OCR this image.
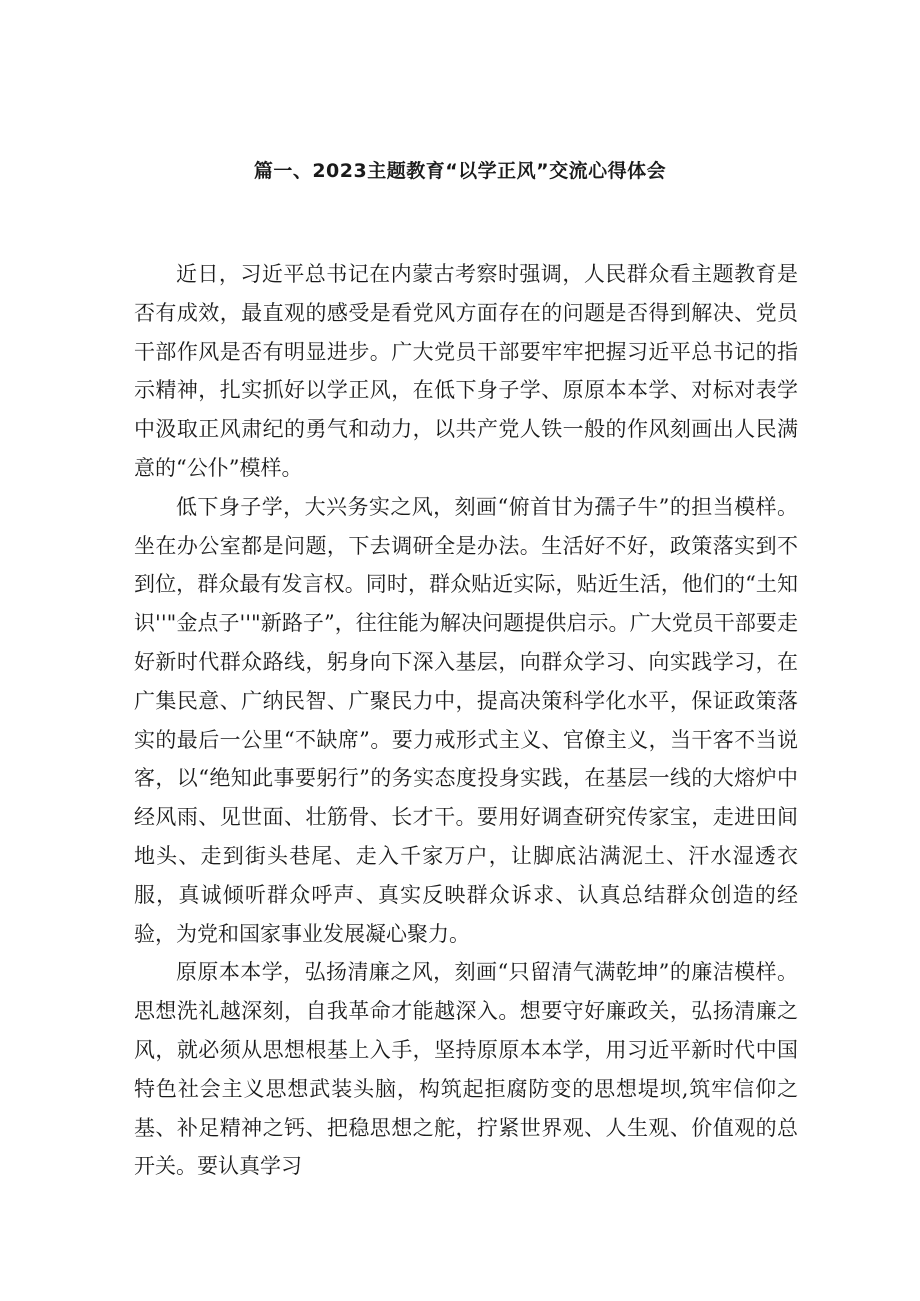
篇一、2023主题教育“以学正风”交流心得体会

近日，习近平总书记在内蒙古考察时强调，人民群众看主题教育是否有成效，最直观的感受是看党风方面存在的问题是否得到解决、党员干部作风是否有明显进步。广大党员干部要牢牢把握习近平总书记的指示精神，扎实抓好以学正风，在低下身子学、原原本本学、对标对表学中汲取正风肃纪的勇气和动力，以共产党人铁一般的作风刻画出人民满意的“公仆”模样。

低下身子学，大兴务实之风，刻画“俯首甘为孺子牛”的担当模样。坐在办公室都是问题，下去调研全是办法。生活好不好，政策落实到不到位，群众最有发言权。同时，群众贴近实际，贴近生活，他们的“土知识''"金点子''"新路子”，往往能为解决问题提供启示。广大党员干部要走好新时代群众路线，躬身向下深入基层，向群众学习、向实践学习，在广集民意、广纳民智、广聚民力中，提高决策科学化水平，保证政策落实的最后一公里“不缺席”。要力戒形式主义、官僚主义，当干客不当说客，以“绝知此事要躬行”的务实态度投身实践，在基层一线的大熔炉中经风雨、见世面、壮筋骨、长才干。要用好调查研究传家宝，走进田间地头、走到街头巷尾、走入千家万户，让脚底沾满泥土、汗水湿透衣服，真诚倾听群众呼声、真实反映群众诉求、认真总结群众创造的经验，为党和国家事业发展凝心聚力。

原原本本学，弘扬清廉之风，刻画“只留清气满乾坤”的廉洁模样。思想洗礼越深刻，自我革命才能越深入。想要守好廉政关，弘扬清廉之风，就必须从思想根基上入手，坚持原原本本学，用习近平新时代中国特色社会主义思想武装头脑，构筑起拒腐防变的思想堤坝,筑牢信仰之基、补足精神之钙、把稳思想之舵，拧紧世界观、人生观、价值观的总开关。要认真学习
